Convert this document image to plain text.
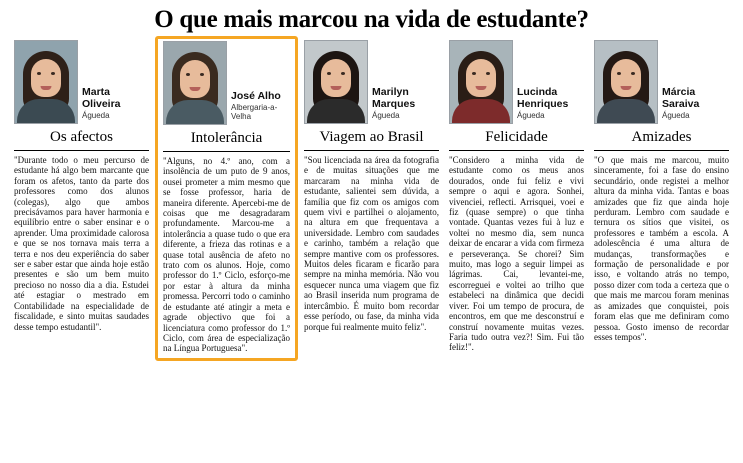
O que mais marcou na vida de estudante?
Marta Oliveira
Águeda
Os afectos
"Durante todo o meu percurso de estudante há algo bem marcante que foram os afetos, tanto da parte dos professores como dos alunos (colegas), algo que ambos precisávamos para haver harmonia e equilíbrio entre o saber ensinar e o aprender. Uma proximidade calorosa e que se nos tornava mais terra a terra e nos deu experiência do saber ser e saber estar que ainda hoje estão presentes e são um bem muito precioso no nosso dia a dia. Estudei até estagiar o mestrado em Contabilidade na especialidade de fiscalidade, e sinto muitas saudades desse tempo estudantil".
José Alho
Albergaria-a-Velha
Intolerância
"Alguns, no 4.º ano, com a insolência de um puto de 9 anos, ousei prometer a mim mesmo que se fosse professor, haria de maneira diferente. Apercebi-me de coisas que me desagradaram profundamente. Marcou-me a intolerância a quase tudo o que era diferente, a frieza das rotinas e a quase total ausência de afeto no trato com os alunos. Hoje, como professor do 1.º Ciclo, esforço-me por estar à altura da minha promessa. Percorri todo o caminho de estudante até atingir a meta e agrade objectivo que foi a licenciatura como professor do 1.º Ciclo, com área de especialização na Língua Portuguesa".
Marilyn Marques
Águeda
Viagem ao Brasil
"Sou licenciada na área da fotografia e de muitas situações que me marcaram na minha vida de estudante, salientei sem dúvida, a família que fiz com os amigos com quem vivi e partilhei o alojamento, na altura em que frequentava a universidade. Lembro com saudades e carinho, também a relação que sempre mantive com os professores. Muitos deles ficaram e ficarão para sempre na minha memória. Não vou esquecer nunca uma viagem que fiz ao Brasil inserida num programa de intercâmbio. É muito bom recordar esse período, ou fase, da minha vida porque fui realmente muito feliz".
Lucinda Henriques
Águeda
Felicidade
"Considero a minha vida de estudante como os meus anos dourados, onde fui feliz e vivi sempre o aqui e agora. Sonhei, vivenciei, reflecti. Arrisquei, voei e fiz (quase sempre) o que tinha vontade. Quantas vezes fui à luz e voltei no mesmo dia, sem nunca deixar de encarar a vida com firmeza e perseverança. Se chorei? Sim muito, mas logo a seguir limpei as lágrimas. Cai, levantei-me, escorreguei e voltei ao trilho que estabeleci na dinâmica que decidi viver. Foi um tempo de procura, de encontros, em que me desconstruí e construí novamente muitas vezes. Faria tudo outra vez?! Sim. Fui tão feliz!".
Márcia Saraiva
Águeda
Amizades
"O que mais me marcou, muito sinceramente, foi a fase do ensino secundário, onde registei a melhor altura da minha vida. Tantas e boas amizades que fiz que ainda hoje perduram. Lembro com saudade e ternura os sítios que visitei, os professores e também a escola. A adolescência é uma altura de mudanças, transformações e formação de personalidade e por isso, e voltando atrás no tempo, posso dizer com toda a certeza que o que mais me marcou foram meninas as amizades que conquistei, pois foram elas que me definiram como pessoa. Gosto imenso de recordar esses tempos".
